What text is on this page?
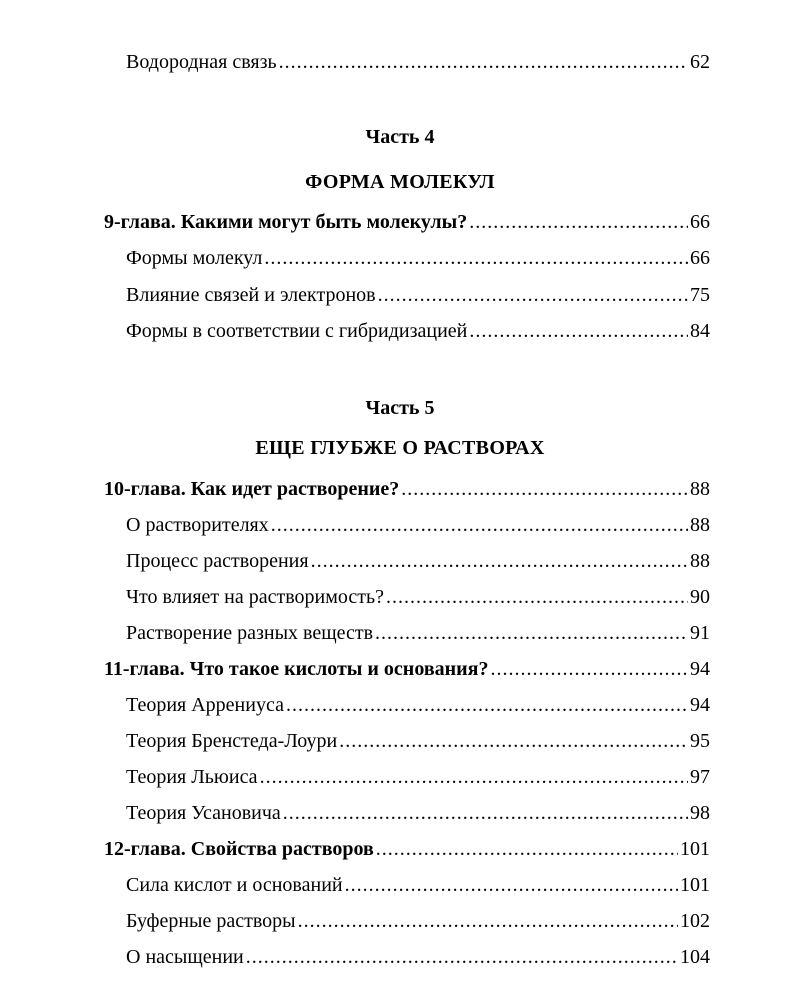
Водородная связь .....	62
Часть 4
ФОРМА МОЛЕКУЛ
9-глава. Какими могут быть молекулы? .....	66
Формы молекул .....	66
Влияние связей и электронов .....	75
Формы в соответствии с гибридизацией .....	84
Часть 5
ЕЩЕ ГЛУБЖЕ О РАСТВОРАХ
10-глава. Как идет растворение? .....	88
О растворителях .....	88
Процесс растворения .....	88
Что влияет на растворимость? .....	90
Растворение разных веществ .....	91
11-глава. Что такое кислоты и основания? .....	94
Теория Аррениуса .....	94
Теория Бренстеда-Лоури .....	95
Теория Льюиса .....	97
Теория Усановича .....	98
12-глава. Свойства растворов .....	101
Сила кислот и оснований .....	101
Буферные растворы .....	102
О насыщении .....	104
